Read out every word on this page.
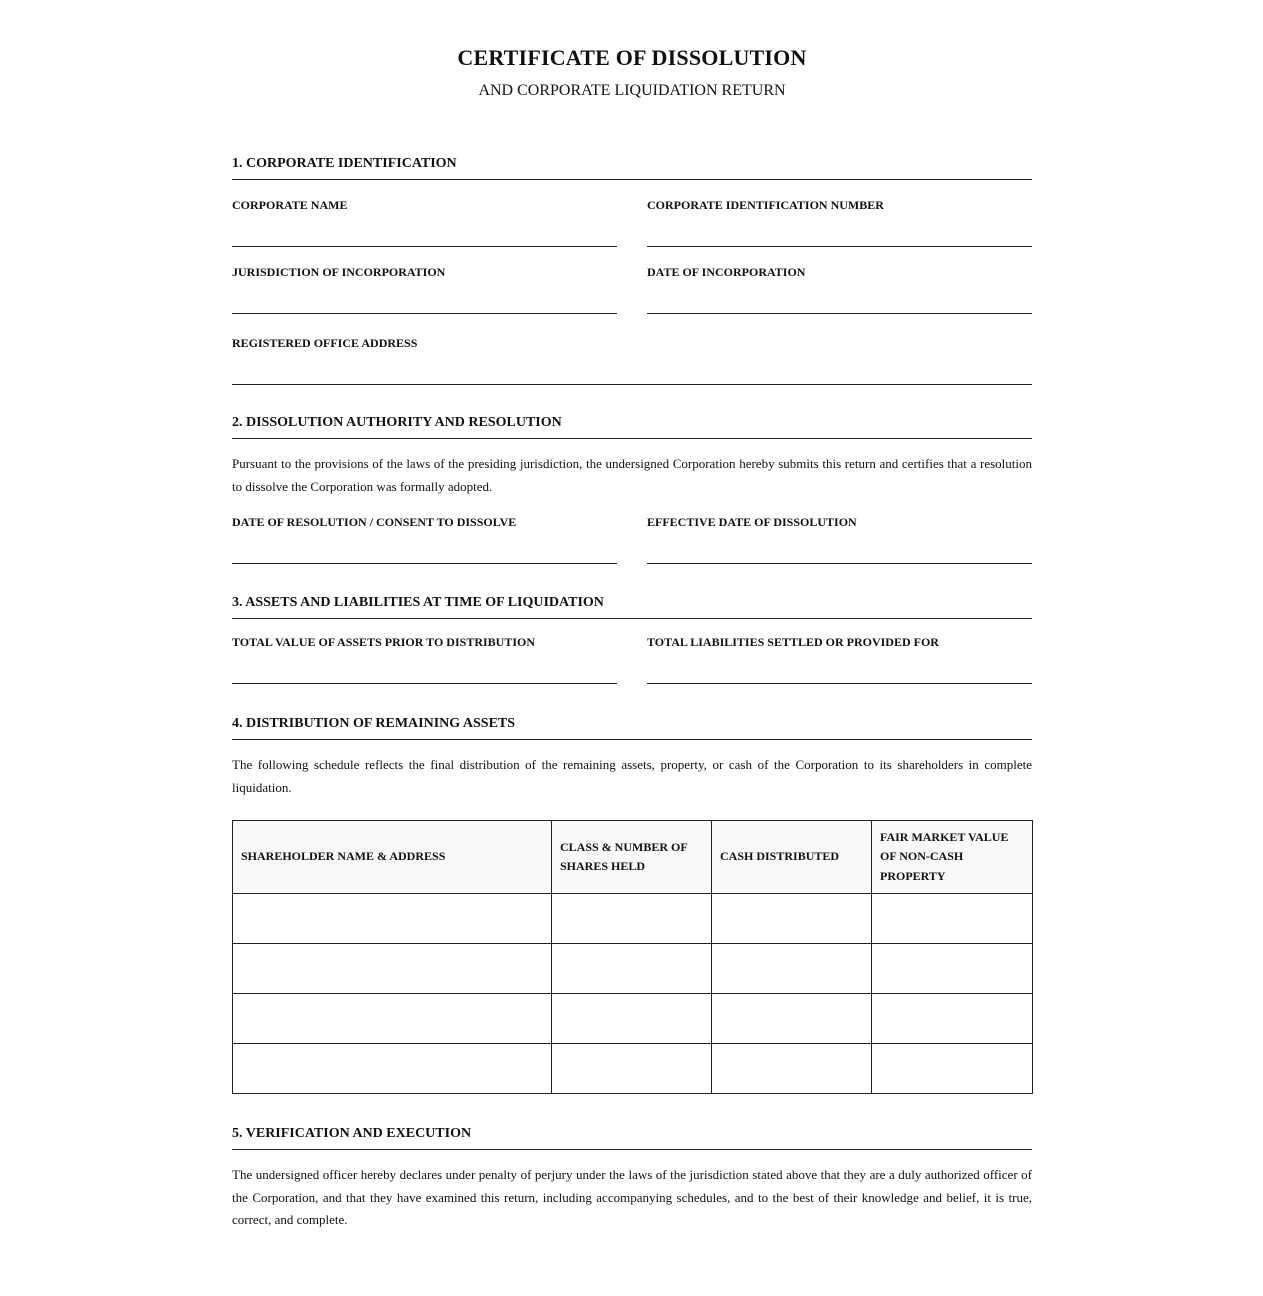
CERTIFICATE OF DISSOLUTION
AND CORPORATE LIQUIDATION RETURN
1. CORPORATE IDENTIFICATION
CORPORATE NAME	CORPORATE IDENTIFICATION NUMBER
JURISDICTION OF INCORPORATION	DATE OF INCORPORATION
REGISTERED OFFICE ADDRESS
2. DISSOLUTION AUTHORITY AND RESOLUTION
Pursuant to the provisions of the laws of the presiding jurisdiction, the undersigned Corporation hereby submits this return and certifies that a resolution to dissolve the Corporation was formally adopted.
DATE OF RESOLUTION / CONSENT TO DISSOLVE	EFFECTIVE DATE OF DISSOLUTION
3. ASSETS AND LIABILITIES AT TIME OF LIQUIDATION
TOTAL VALUE OF ASSETS PRIOR TO DISTRIBUTION	TOTAL LIABILITIES SETTLED OR PROVIDED FOR
4. DISTRIBUTION OF REMAINING ASSETS
The following schedule reflects the final distribution of the remaining assets, property, or cash of the Corporation to its shareholders in complete liquidation.
SHAREHOLDER NAME & ADDRESS	CLASS & NUMBER OF SHARES HELD	CASH DISTRIBUTED	FAIR MARKET VALUE OF NON-CASH PROPERTY

5. VERIFICATION AND EXECUTION
The undersigned officer hereby declares under penalty of perjury under the laws of the jurisdiction stated above that they are a duly authorized officer of the Corporation, and that they have examined this return, including accompanying schedules, and to the best of their knowledge and belief, it is true, correct, and complete.
